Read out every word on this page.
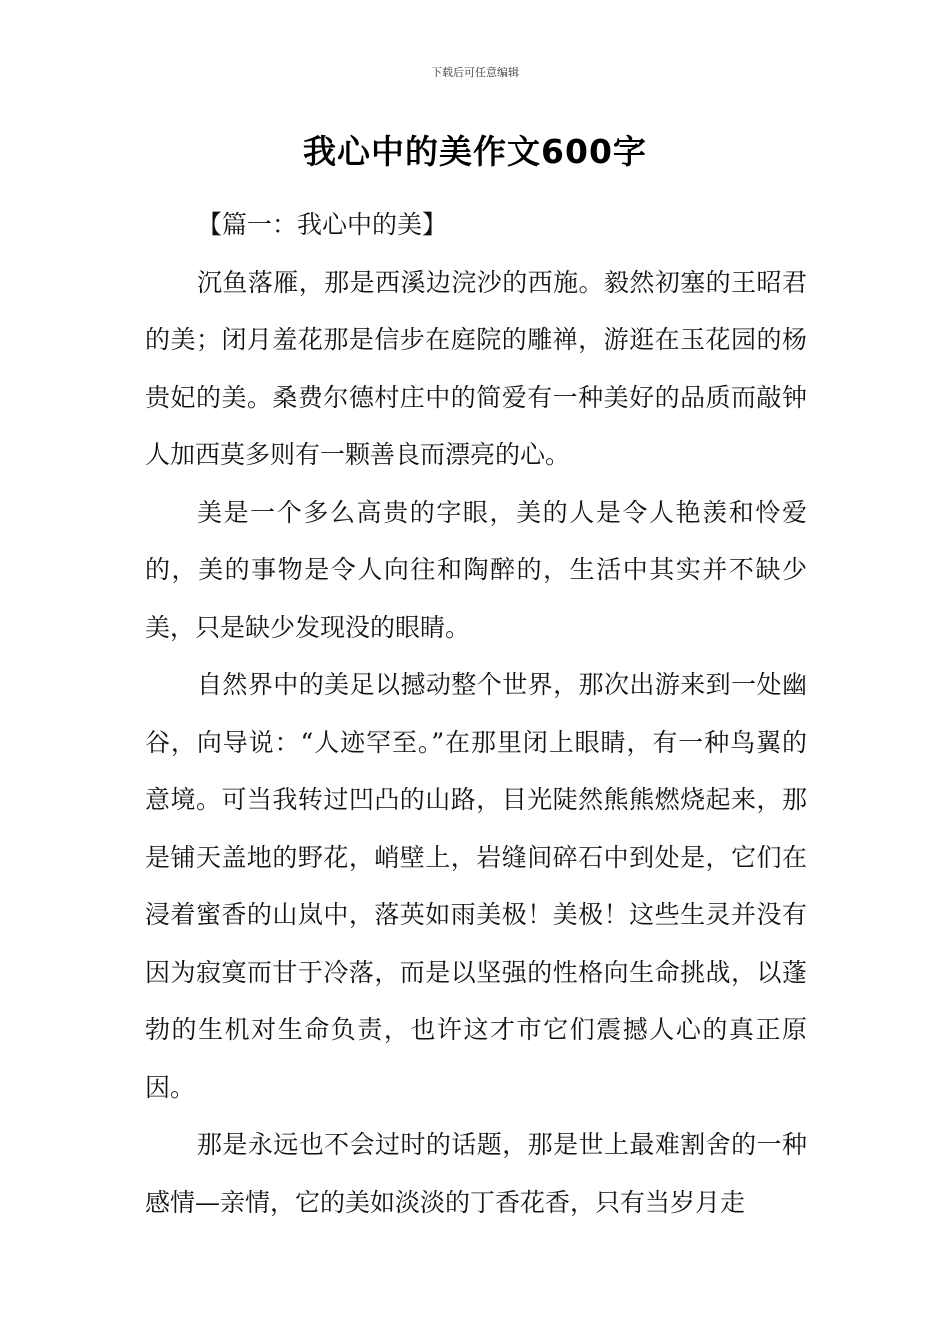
下载后可任意编辑
我心中的美作文600字

【篇一：我心中的美】

沉鱼落雁，那是西溪边浣沙的西施。毅然初塞的王昭君的美；闭月羞花那是信步在庭院的雕禅，游逛在玉花园的杨贵妃的美。桑费尔德村庄中的简爱有一种美好的品质而敲钟人加西莫多则有一颗善良而漂亮的心。

美是一个多么高贵的字眼，美的人是令人艳羡和怜爱的，美的事物是令人向往和陶醉的，生活中其实并不缺少美，只是缺少发现没的眼睛。

自然界中的美足以撼动整个世界，那次出游来到一处幽谷，向导说：“人迹罕至。”在那里闭上眼睛，有一种鸟翼的意境。可当我转过凹凸的山路，目光陡然熊熊燃烧起来，那是铺天盖地的野花，峭壁上，岩缝间碎石中到处是，它们在浸着蜜香的山岚中，落英如雨美极！美极！这些生灵并没有因为寂寞而甘于冷落，而是以坚强的性格向生命挑战，以蓬勃的生机对生命负责，也许这才市它们震撼人心的真正原因。

那是永远也不会过时的话题，那是世上最难割舍的一种感情—亲情，它的美如淡淡的丁香花香，只有当岁月走
